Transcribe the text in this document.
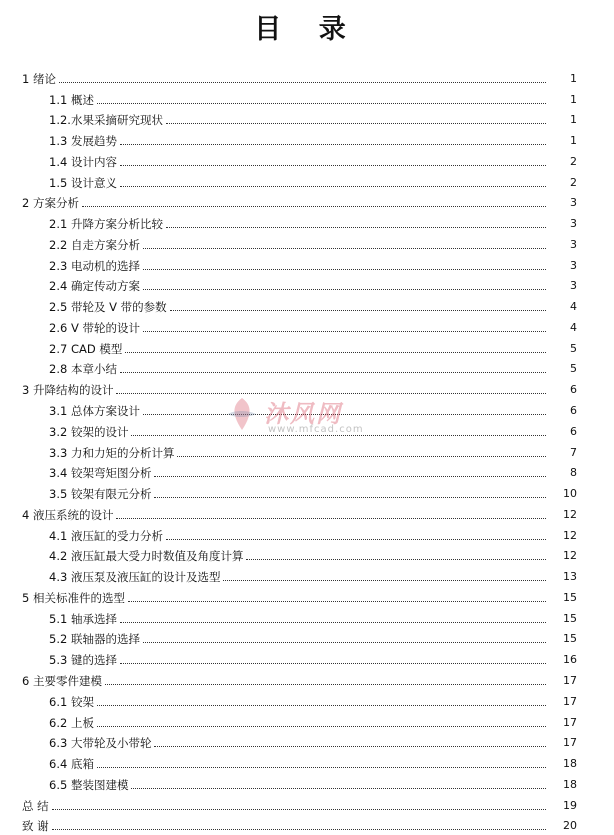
目 录
1 绪论	1
1.1 概述	1
1.2.水果采摘研究现状	1
1.3 发展趋势	1
1.4 设计内容	2
1.5 设计意义	2
2 方案分析	3
2.1 升降方案分析比较	3
2.2 自走方案分析	3
2.3 电动机的选择	3
2.4 确定传动方案	3
2.5 带轮及 V 带的参数	4
2.6 V 带轮的设计	4
2.7 CAD 模型	5
2.8 本章小结	5
3 升降结构的设计	6
3.1 总体方案设计	6
3.2 铰架的设计	6
3.3 力和力矩的分析计算	7
3.4 铰架弯矩图分析	8
3.5 铰架有限元分析	10
4 液压系统的设计	12
4.1 液压缸的受力分析	12
4.2 液压缸最大受力时数值及角度计算	12
4.3 液压泵及液压缸的设计及选型	13
5 相关标准件的选型	15
5.1 轴承选择	15
5.2 联轴器的选择	15
5.3 键的选择	16
6 主要零件建模	17
6.1 铰架	17
6.2 上板	17
6.3 大带轮及小带轮	17
6.4 底箱	18
6.5 整装图建模	18
总 结	19
致 谢	20
沐风网
www.mfcad.com
